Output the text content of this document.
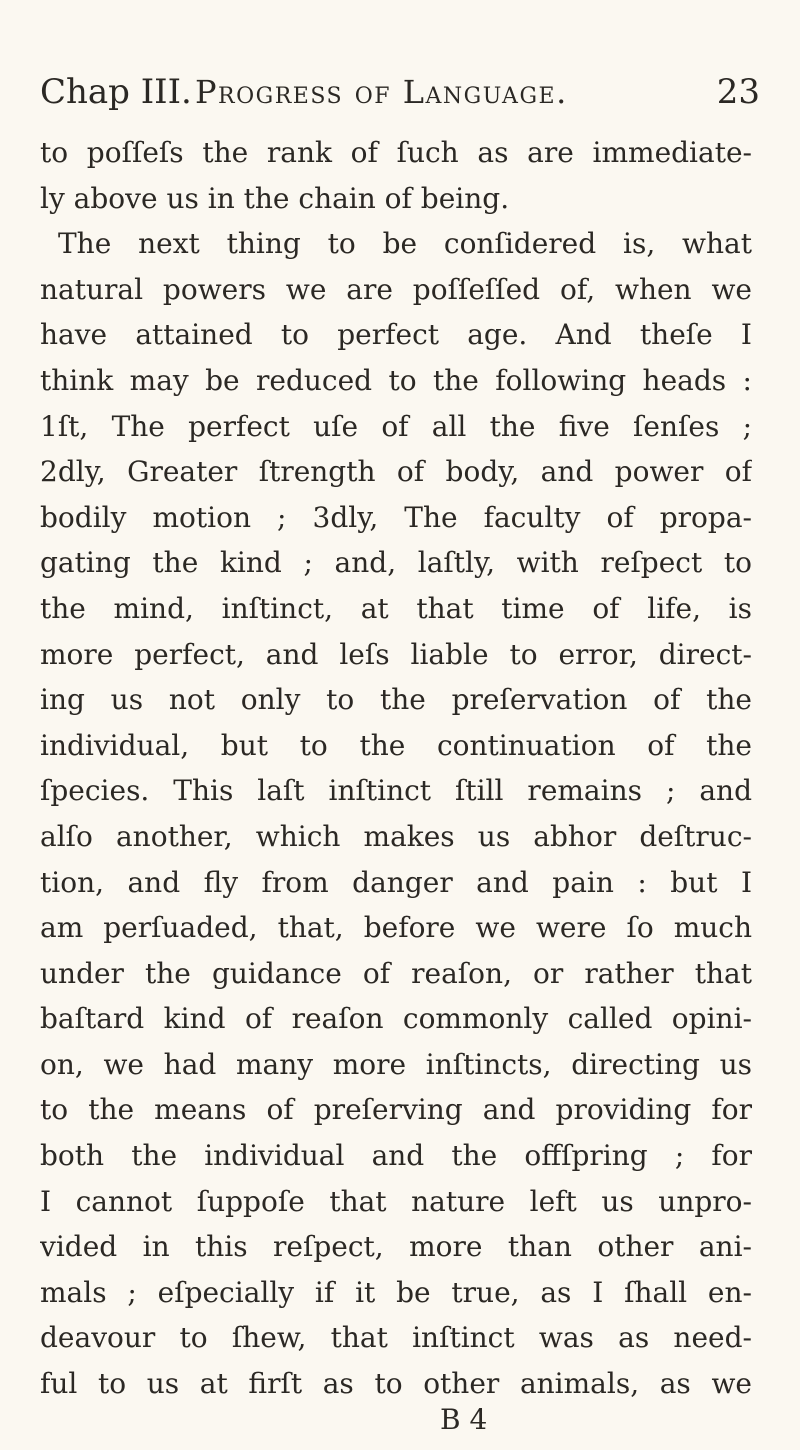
Chap III. Progress of Language.	23
to poſſeſs the rank of ſuch as are immediate-
ly above us in the chain of being.
The next thing to be conſidered is, what
natural powers we are poſſeſſed of, when we
have attained to perfect age. And theſe I
think may be reduced to the following heads :
1ſt, The perfect uſe of all the five ſenſes ;
2dly, Greater ſtrength of body, and power of
bodily motion ; 3dly, The faculty of propa-
gating the kind ; and, laſtly, with reſpect to
the mind, inſtinct, at that time of life, is
more perfect, and leſs liable to error, direct-
ing us not only to the preſervation of the
individual, but to the continuation of the
ſpecies. This laſt inſtinct ſtill remains ; and
alſo another, which makes us abhor deſtruc-
tion, and fly from danger and pain : but I
am perſuaded, that, before we were ſo much
under the guidance of reaſon, or rather that
baſtard kind of reaſon commonly called opini-
on, we had many more inſtincts, directing us
to the means of preſerving and providing for
both the individual and the offſpring ; for
I cannot ſuppoſe that nature left us unpro-
vided in this reſpect, more than other ani-
mals ; eſpecially if it be true, as I ſhall en-
deavour to ſhew, that inſtinct was as need-
ful to us at firſt as to other animals, as we
B 4
